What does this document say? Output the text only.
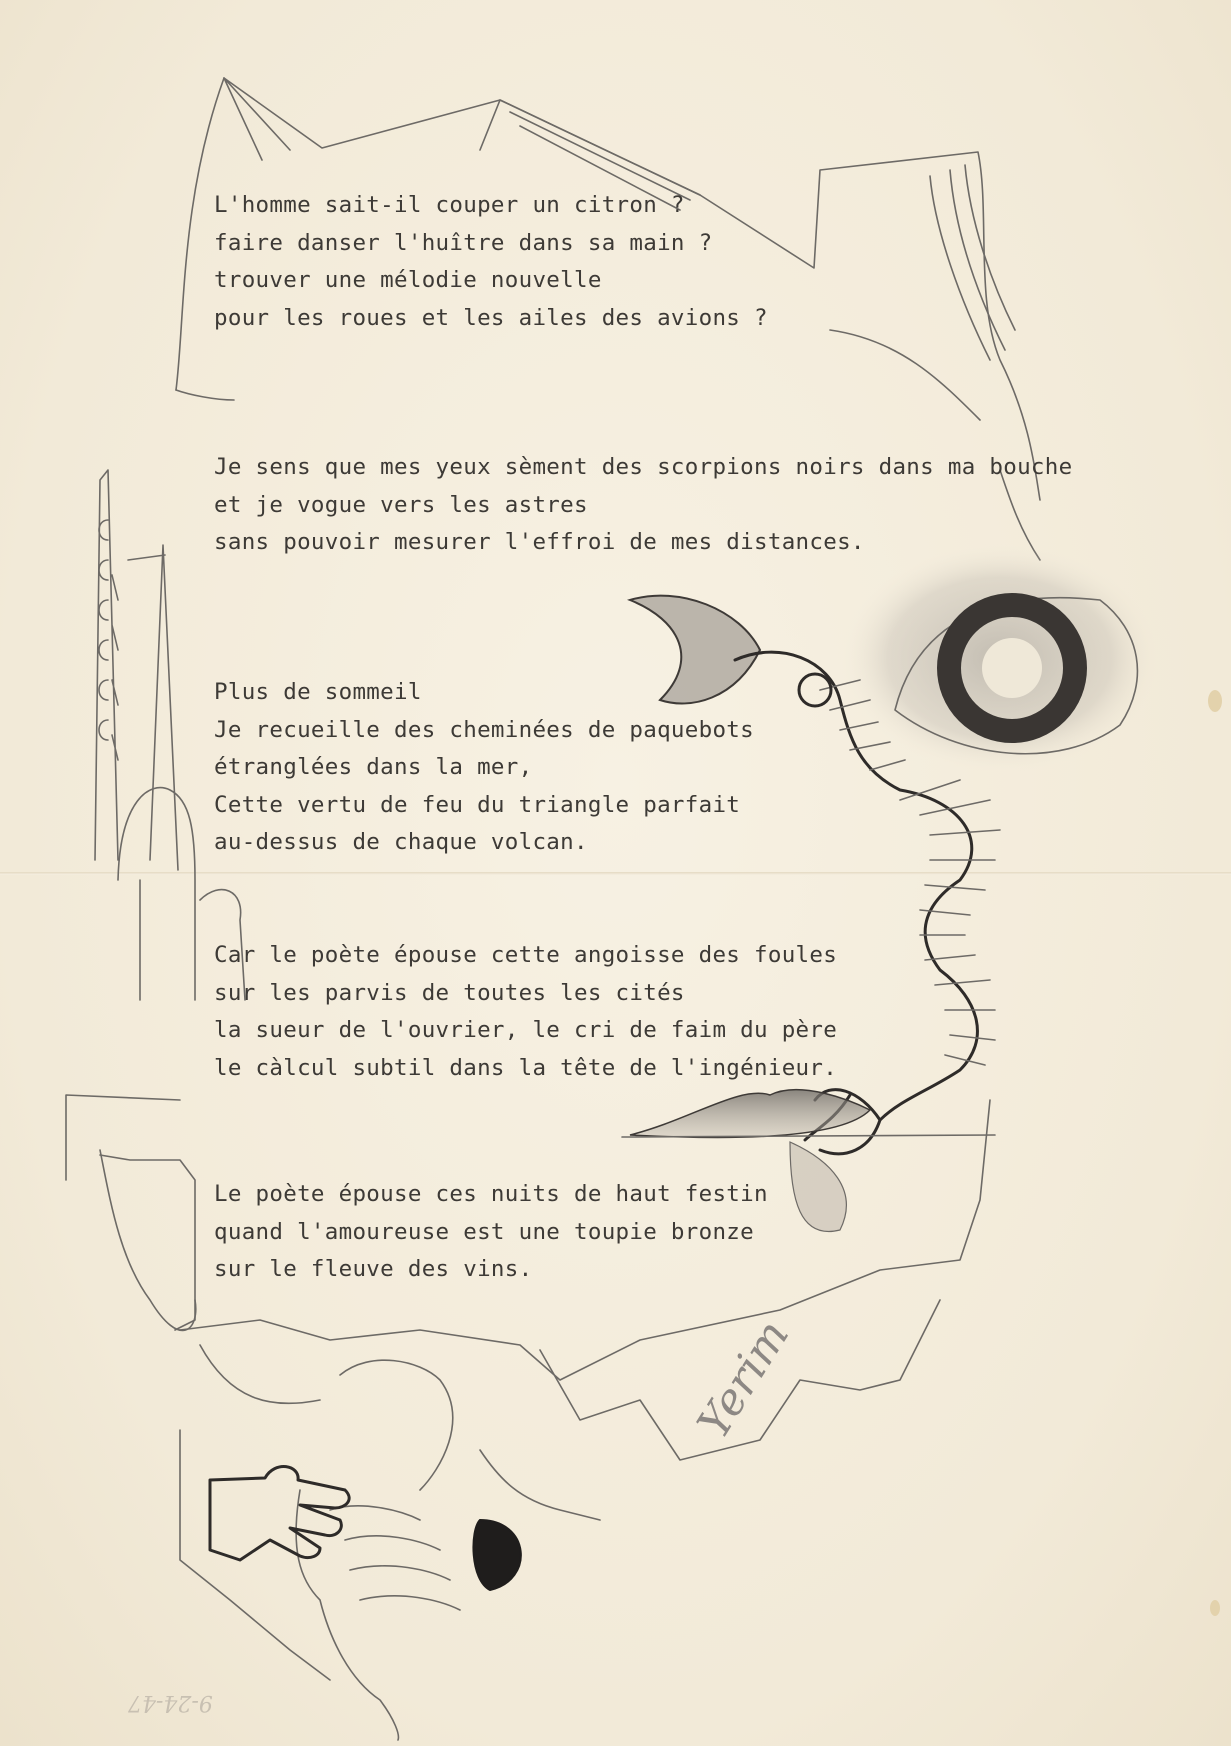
L'homme sait-il couper un citron ?
faire danser l'huître dans sa main ?
trouver une mélodie nouvelle
pour les roues et les ailes des avions ?
Je sens que mes yeux sèment des scorpions noirs dans ma bouche
et je vogue vers les astres
sans pouvoir mesurer l'effroi de mes distances.
Plus de sommeil
Je recueille des cheminées de paquebots
étranglées dans la mer,
Cette vertu de feu du triangle parfait
au-dessus de chaque volcan.
Car le poète épouse cette angoisse des foules
sur les parvis de toutes les cités
la sueur de l'ouvrier, le cri de faim du père
le càlcul subtil dans la tête de l'ingénieur.
Le poète épouse ces nuits de haut festin
quand l'amoureuse est une toupie bronze
sur le fleuve des vins.
Yerim
9-24-47
